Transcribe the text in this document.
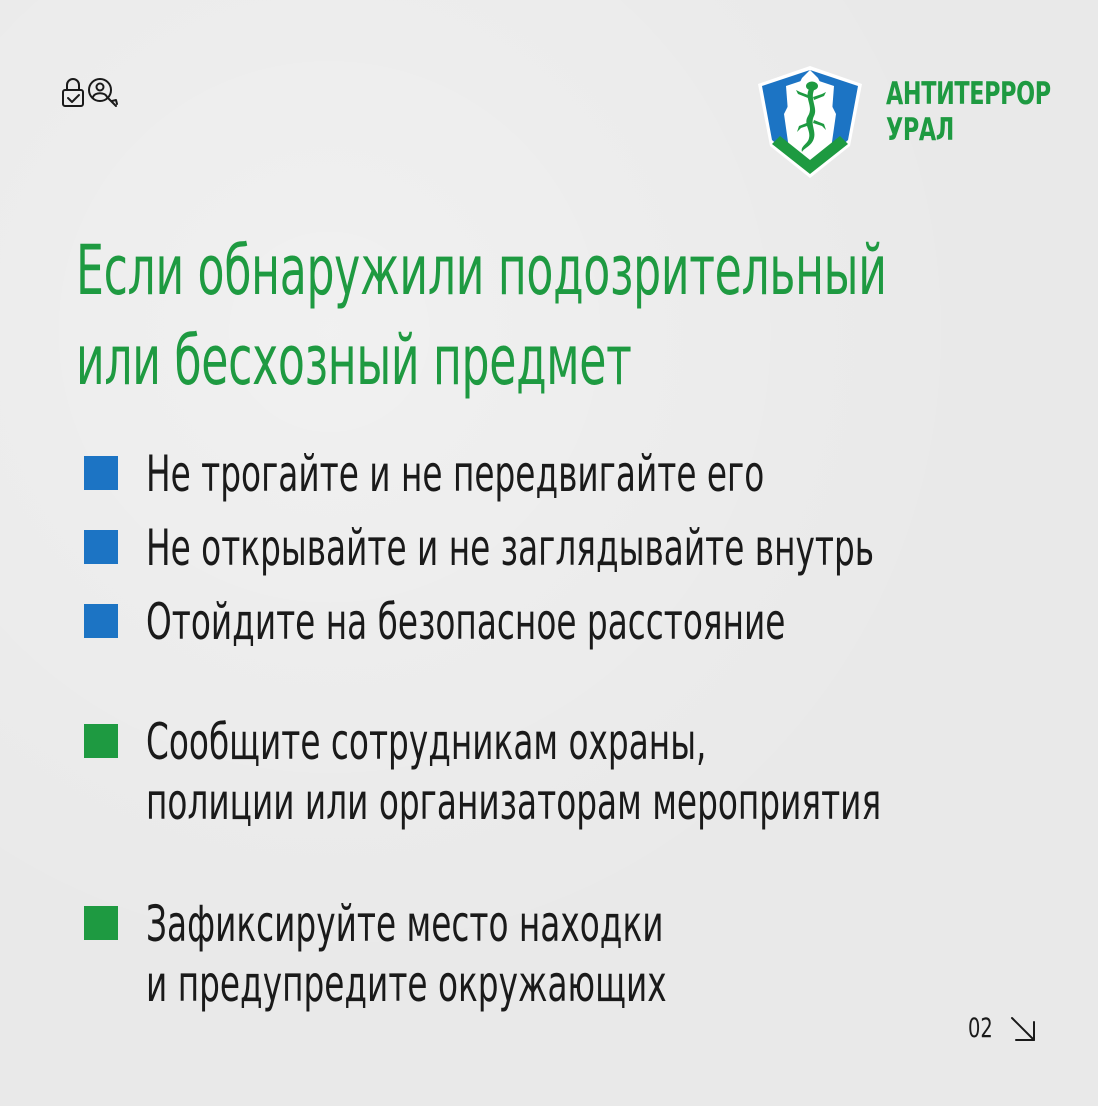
АНТИТЕРРОР
УРАЛ
Если обнаружили подозрительный
или бесхозный предмет
Не трогайте и не передвигайте его
Не открывайте и не заглядывайте внутрь
Отойдите на безопасное расстояние
Сообщите сотрудникам охраны,
полиции или организаторам мероприятия
Зафиксируйте место находки
и предупредите окружающих
02
